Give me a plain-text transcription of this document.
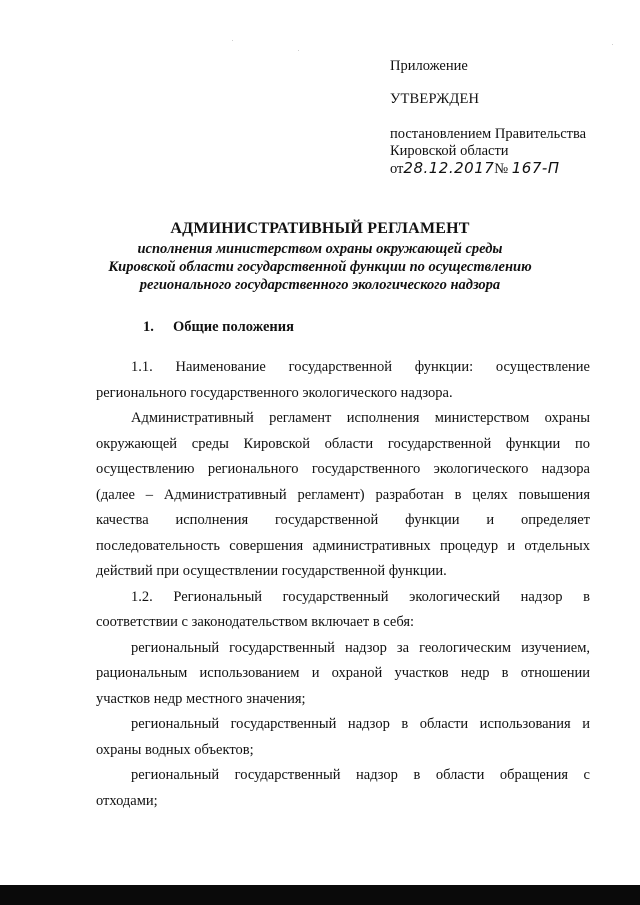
Приложение
УТВЕРЖДЕН
постановлением Правительства
Кировской области
от28.12.2017№ 167-П
АДМИНИСТРАТИВНЫЙ РЕГЛАМЕНТ
исполнения министерством охраны окружающей среды
Кировской области государственной функции по осуществлению
регионального государственного экологического надзора
1. Общие положения
1.1. Наименование государственной функции: осуществление
регионального государственного экологического надзора.
Административный регламент исполнения министерством охраны
окружающей среды Кировской области государственной функции по
осуществлению регионального государственного экологического надзора
(далее – Административный регламент) разработан в целях повышения
качества исполнения государственной функции и определяет
последовательность совершения административных процедур и отдельных
действий при осуществлении государственной функции.
1.2. Региональный государственный экологический надзор в
соответствии с законодательством включает в себя:
региональный государственный надзор за геологическим изучением,
рациональным использованием и охраной участков недр в отношении
участков недр местного значения;
региональный государственный надзор в области использования и
охраны водных объектов;
региональный государственный надзор в области обращения с
отходами;
